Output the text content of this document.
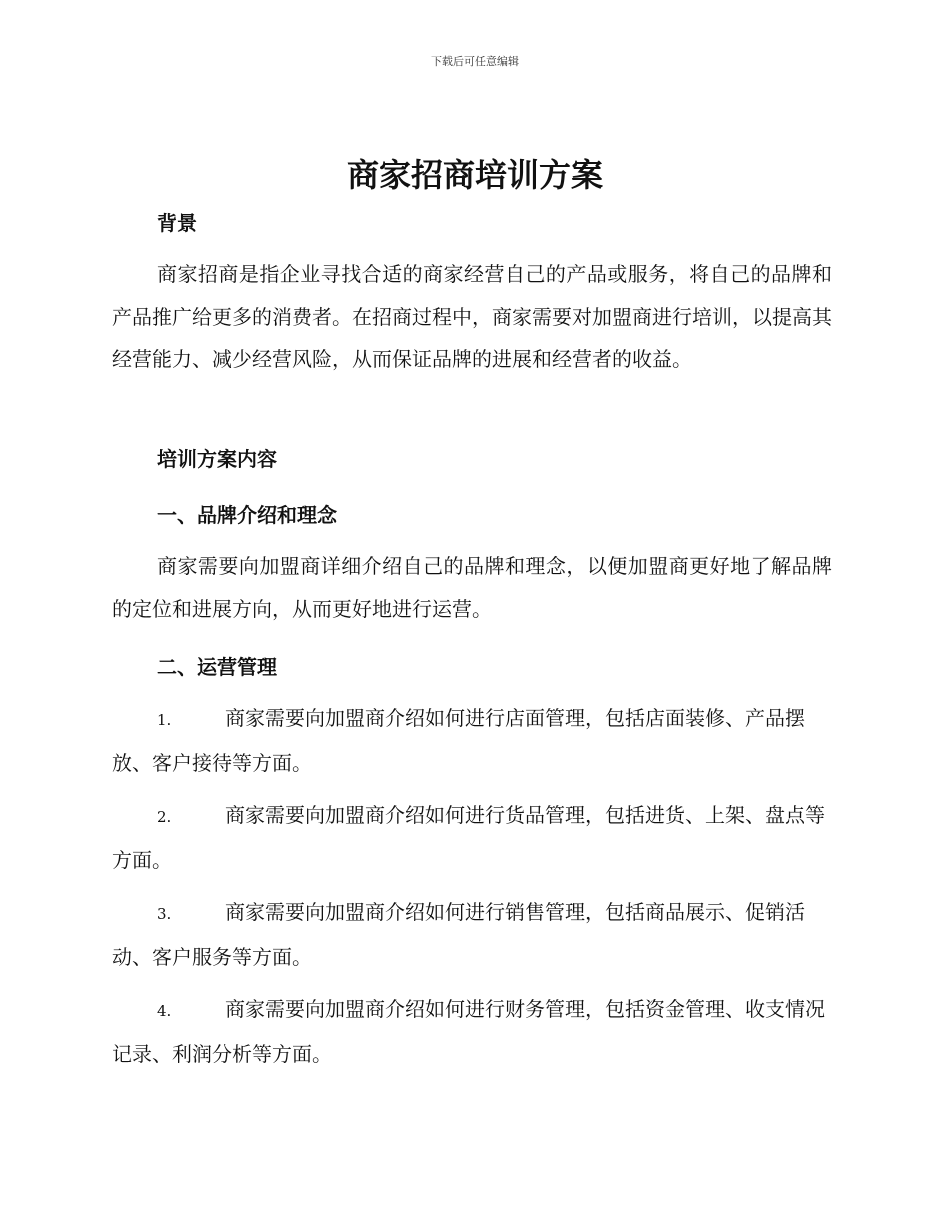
下载后可任意编辑
商家招商培训方案
背景

商家招商是指企业寻找合适的商家经营自己的产品或服务，将自己的品牌和产品推广给更多的消费者。在招商过程中，商家需要对加盟商进行培训，以提高其经营能力、减少经营风险，从而保证品牌的进展和经营者的收益。

培训方案内容
一、品牌介绍和理念

商家需要向加盟商详细介绍自己的品牌和理念，以便加盟商更好地了解品牌的定位和进展方向，从而更好地进行运营。

二、运营管理

1.	商家需要向加盟商介绍如何进行店面管理，包括店面装修、产品摆放、客户接待等方面。

2.	商家需要向加盟商介绍如何进行货品管理，包括进货、上架、盘点等方面。

3.	商家需要向加盟商介绍如何进行销售管理，包括商品展示、促销活动、客户服务等方面。

4.	商家需要向加盟商介绍如何进行财务管理，包括资金管理、收支情况记录、利润分析等方面。
